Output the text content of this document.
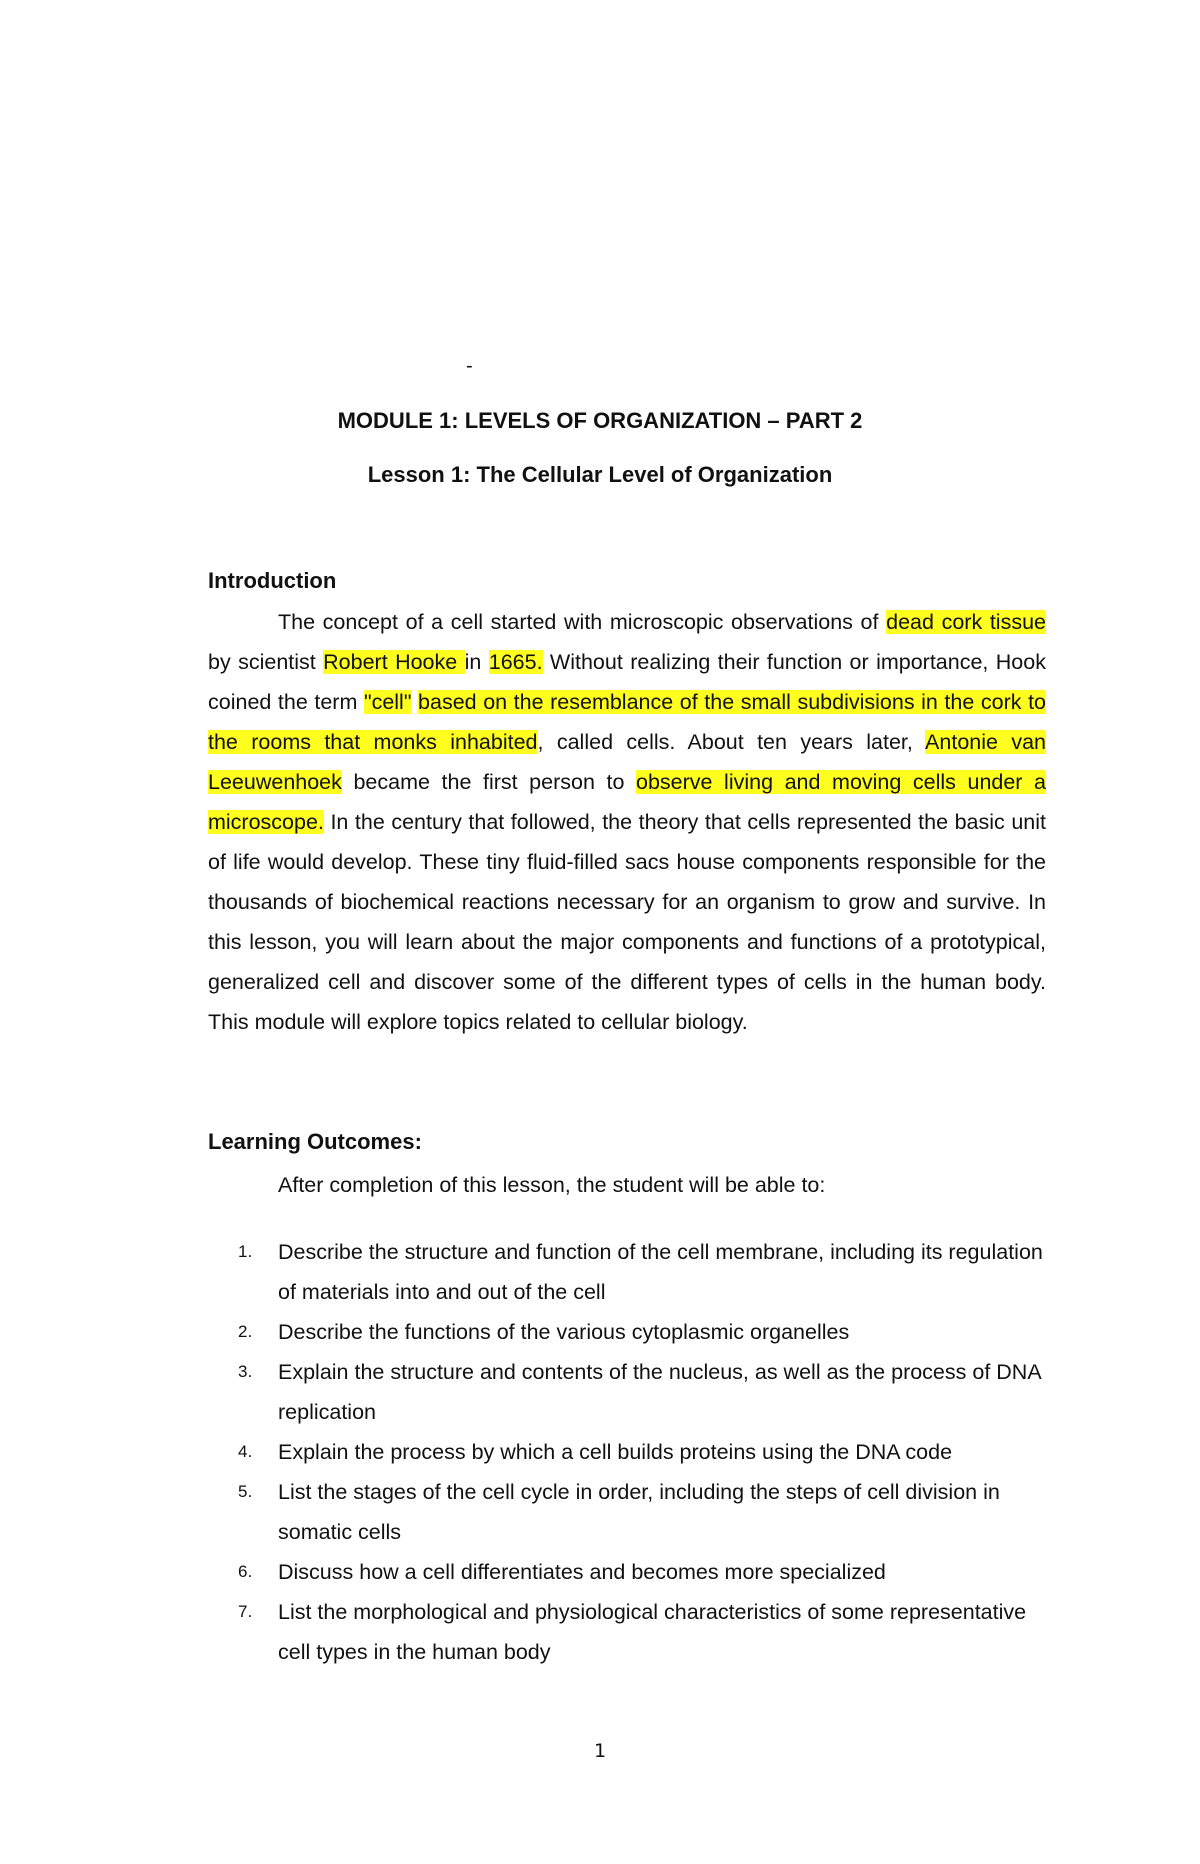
-
MODULE 1: LEVELS OF ORGANIZATION – PART 2
Lesson 1: The Cellular Level of Organization
Introduction
The concept of a cell started with microscopic observations of dead cork tissue by scientist Robert Hooke in 1665. Without realizing their function or importance, Hook coined the term "cell" based on the resemblance of the small subdivisions in the cork to the rooms that monks inhabited, called cells. About ten years later, Antonie van Leeuwenhoek became the first person to observe living and moving cells under a microscope. In the century that followed, the theory that cells represented the basic unit of life would develop. These tiny fluid-filled sacs house components responsible for the thousands of biochemical reactions necessary for an organism to grow and survive. In this lesson, you will learn about the major components and functions of a prototypical, generalized cell and discover some of the different types of cells in the human body. This module will explore topics related to cellular biology.
Learning Outcomes:
After completion of this lesson, the student will be able to:
1. Describe the structure and function of the cell membrane, including its regulation of materials into and out of the cell
2. Describe the functions of the various cytoplasmic organelles
3. Explain the structure and contents of the nucleus, as well as the process of DNA replication
4. Explain the process by which a cell builds proteins using the DNA code
5. List the stages of the cell cycle in order, including the steps of cell division in somatic cells
6. Discuss how a cell differentiates and becomes more specialized
7. List the morphological and physiological characteristics of some representative cell types in the human body
1
